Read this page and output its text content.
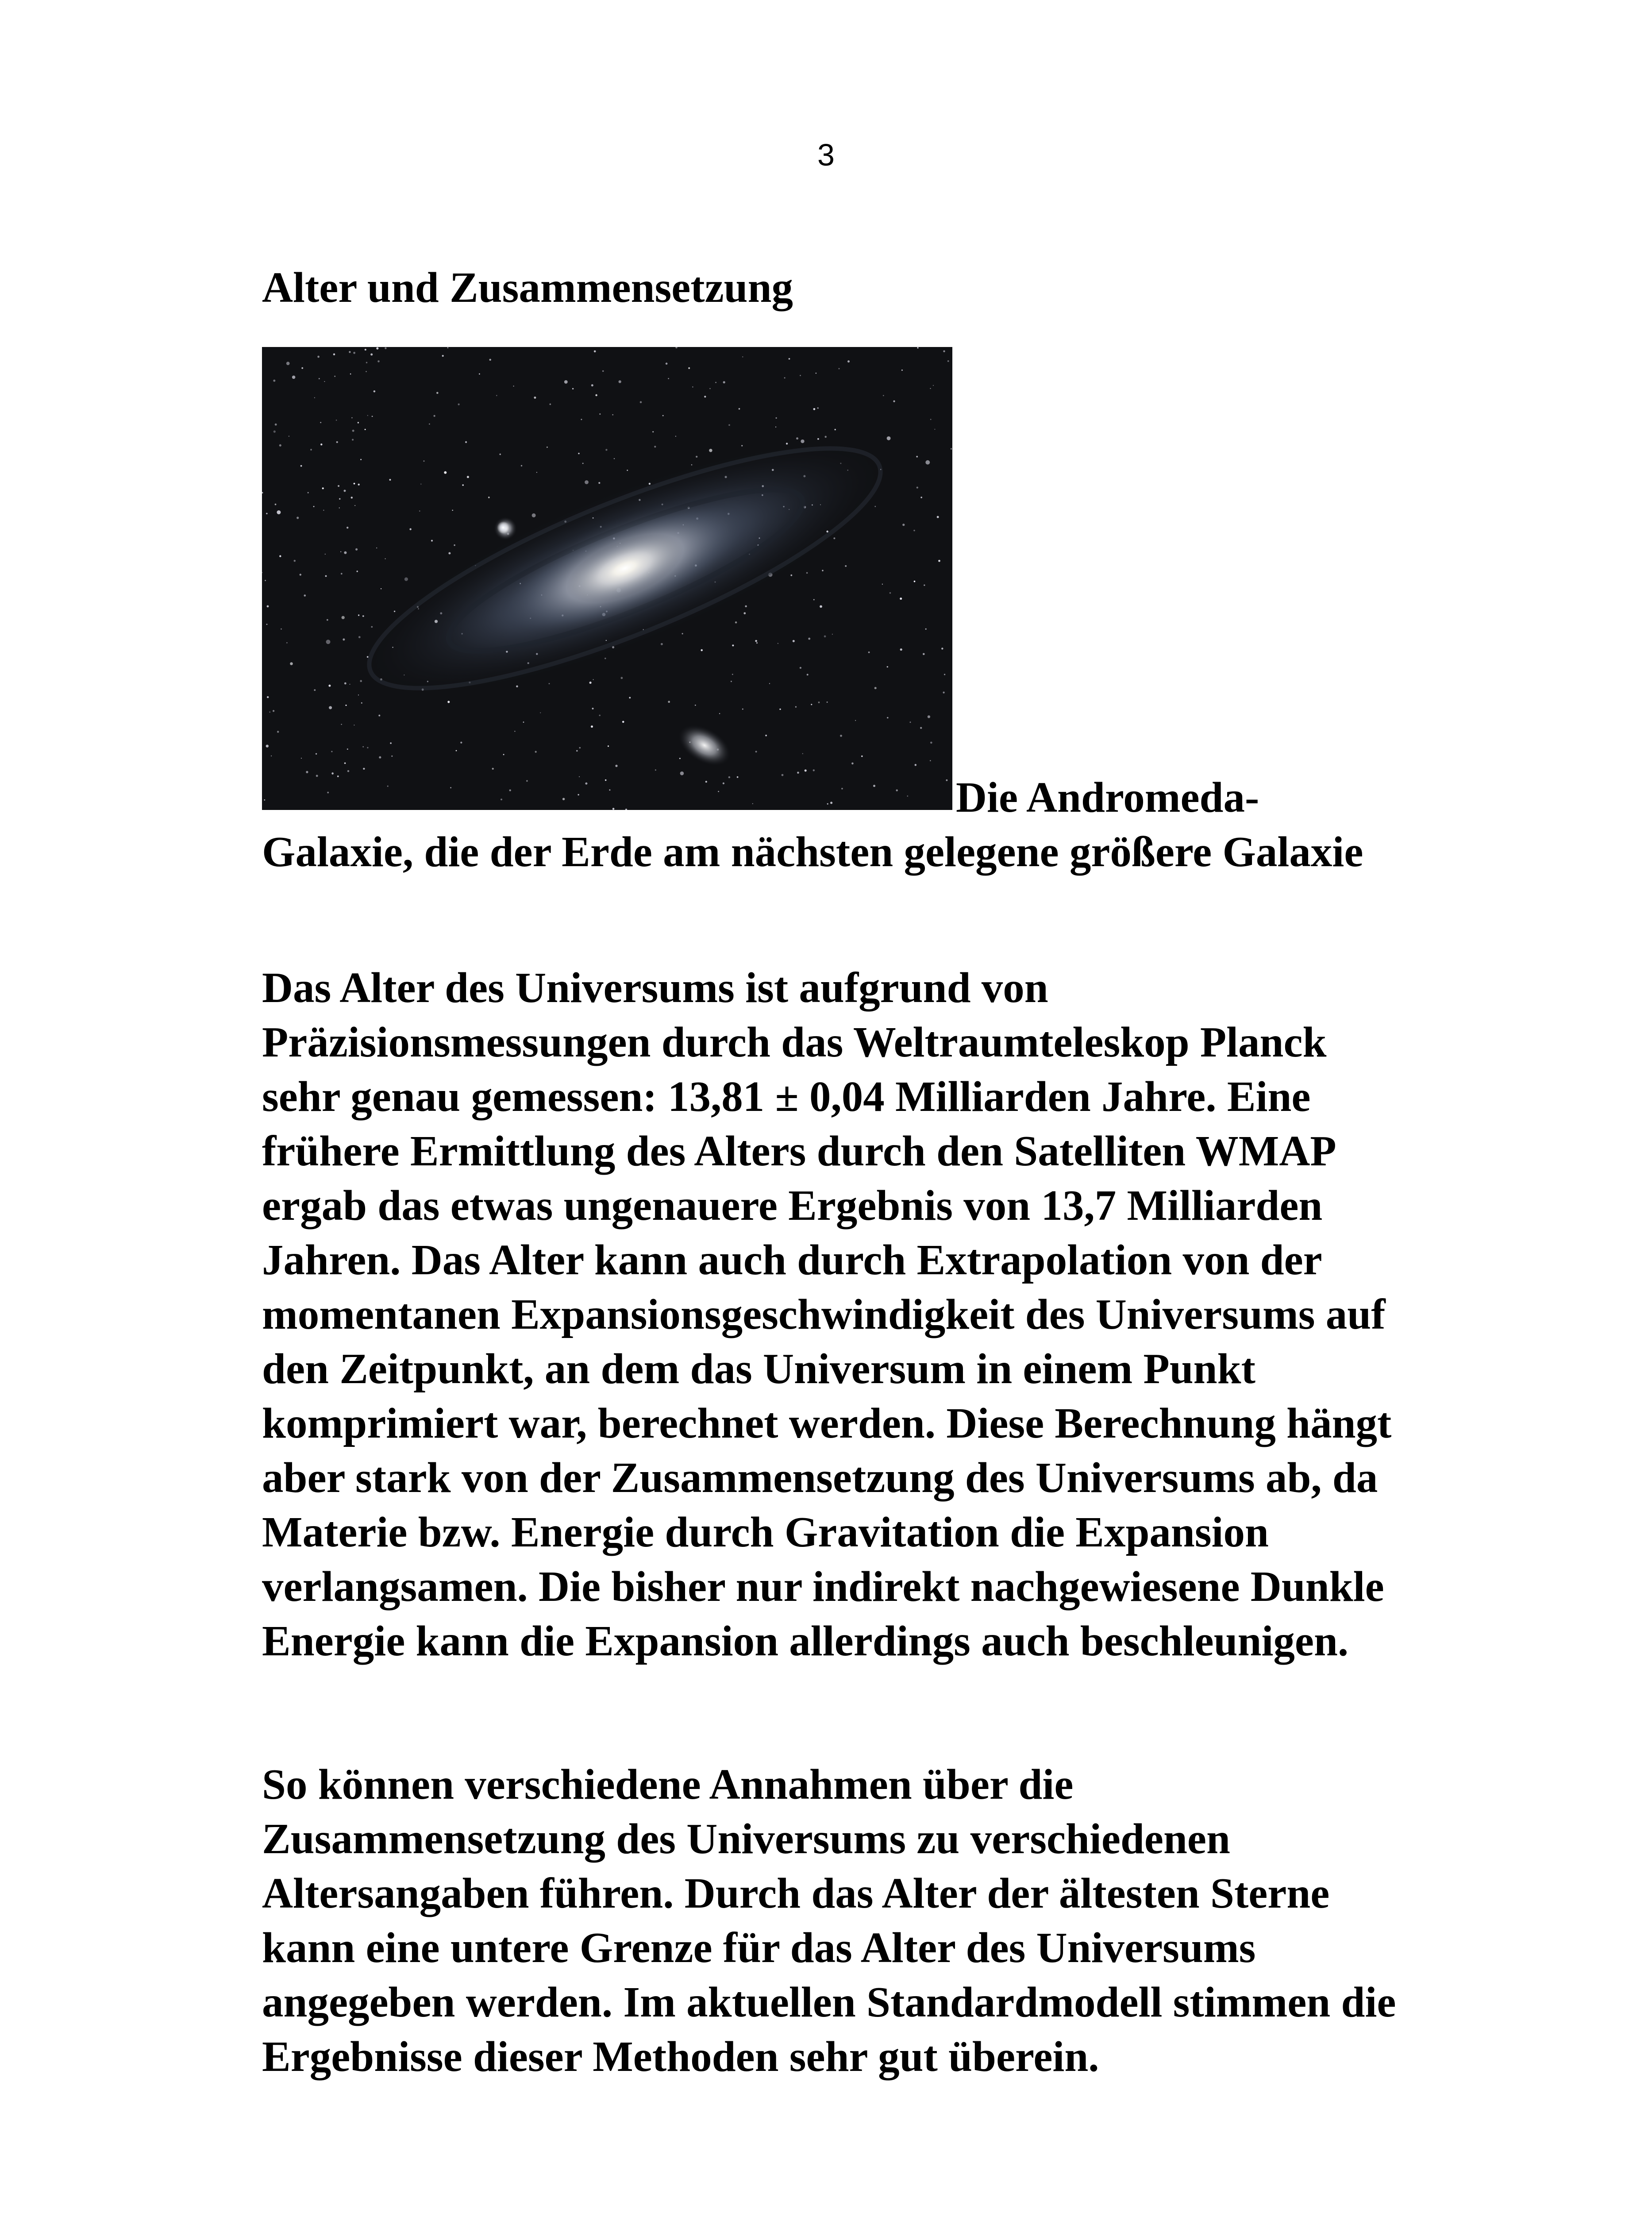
3
Alter und Zusammensetzung

Die Andromeda-Galaxie, die der Erde am nächsten gelegene größere Galaxie

Das Alter des Universums ist aufgrund von Präzisionsmessungen durch das Weltraumteleskop Planck sehr genau gemessen: 13,81 ± 0,04 Milliarden Jahre. Eine frühere Ermittlung des Alters durch den Satelliten WMAP ergab das etwas ungenauere Ergebnis von 13,7 Milliarden Jahren. Das Alter kann auch durch Extrapolation von der momentanen Expansionsgeschwindigkeit des Universums auf den Zeitpunkt, an dem das Universum in einem Punkt komprimiert war, berechnet werden. Diese Berechnung hängt aber stark von der Zusammensetzung des Universums ab, da Materie bzw. Energie durch Gravitation die Expansion verlangsamen. Die bisher nur indirekt nachgewiesene Dunkle Energie kann die Expansion allerdings auch beschleunigen.

So können verschiedene Annahmen über die Zusammensetzung des Universums zu verschiedenen Altersangaben führen. Durch das Alter der ältesten Sterne kann eine untere Grenze für das Alter des Universums angegeben werden. Im aktuellen Standardmodell stimmen die Ergebnisse dieser Methoden sehr gut überein.
